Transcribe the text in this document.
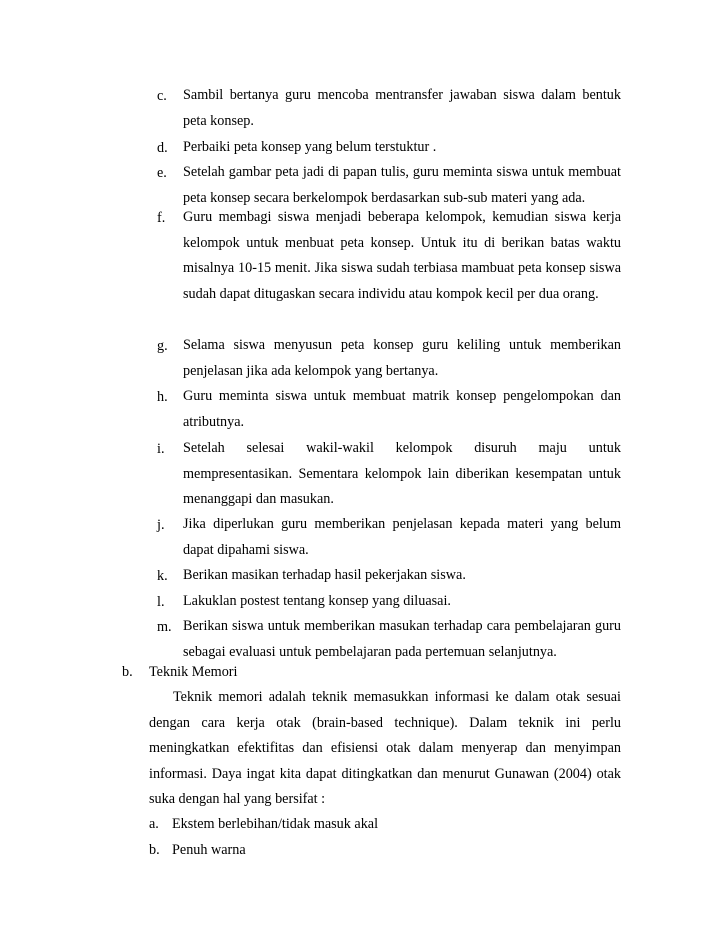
c.	Sambil bertanya guru mencoba mentransfer jawaban siswa dalam bentuk peta konsep.
d.	Perbaiki peta konsep yang belum terstuktur .
e.	Setelah gambar peta jadi di papan tulis, guru meminta siswa untuk membuat peta konsep secara berkelompok berdasarkan sub-sub materi yang ada.
f.	Guru membagi siswa menjadi beberapa kelompok, kemudian siswa kerja kelompok untuk menbuat peta konsep. Untuk itu di berikan batas waktu misalnya 10-15 menit. Jika siswa sudah terbiasa mambuat peta konsep siswa sudah dapat ditugaskan secara individu atau kompok kecil per dua orang.
g.	Selama siswa menyusun peta konsep guru keliling untuk memberikan penjelasan jika ada kelompok yang bertanya.
h.	Guru meminta siswa untuk membuat matrik konsep pengelompokan dan atributnya.
i.	Setelah selesai wakil-wakil kelompok disuruh maju untuk mempresentasikan. Sementara kelompok lain diberikan kesempatan untuk menanggapi dan masukan.
j.	Jika diperlukan guru memberikan penjelasan kepada materi yang belum dapat dipahami siswa.
k.	Berikan masikan terhadap hasil pekerjakan siswa.
l.	Lakuklan postest tentang konsep yang diluasai.
m. Berikan siswa untuk memberikan masukan terhadap cara pembelajaran guru sebagai evaluasi untuk pembelajaran pada pertemuan selanjutnya.
b. Teknik Memori
Teknik memori adalah teknik memasukkan informasi ke dalam otak sesuai dengan cara kerja otak (brain-based technique). Dalam teknik ini perlu meningkatkan efektifitas dan efisiensi otak dalam menyerap dan menyimpan informasi. Daya ingat kita dapat ditingkatkan dan menurut Gunawan (2004) otak suka dengan hal yang bersifat :
a. Ekstem berlebihan/tidak masuk akal
b. Penuh warna
